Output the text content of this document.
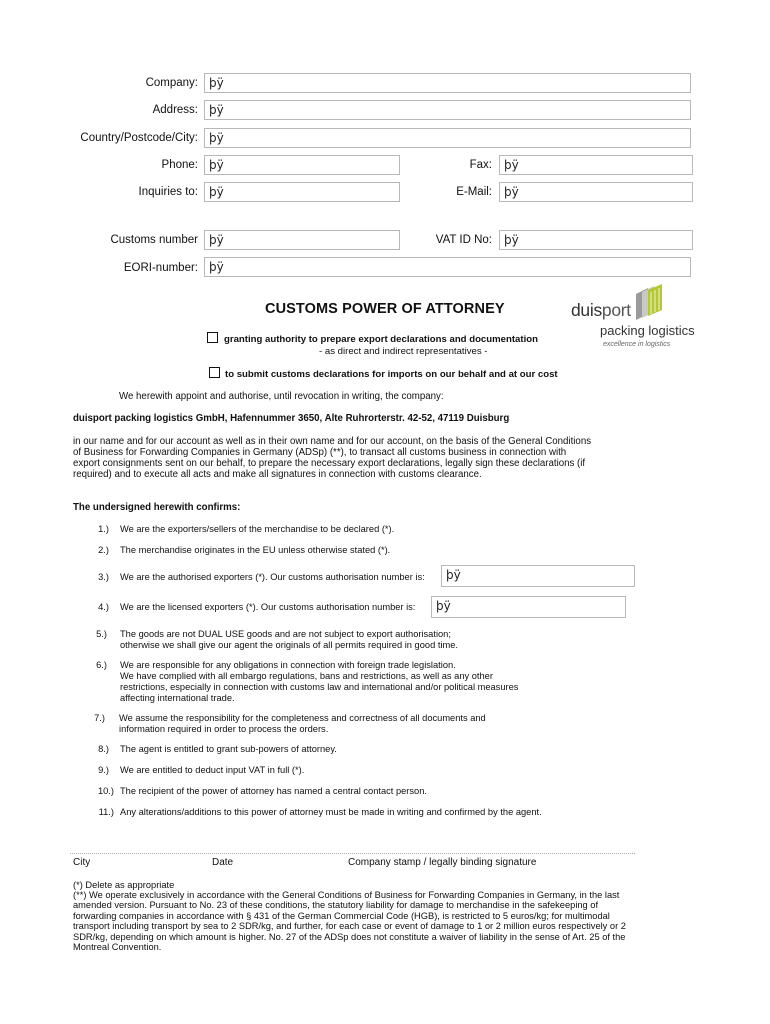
Company: þÿ
Address: þÿ
Country/Postcode/City: þÿ
Phone: þÿ	Fax:	þÿ
Inquiries to: þÿ	E-Mail:	þÿ
Customs number þÿ	VAT ID No:	þÿ
EORI-number: þÿ
CUSTOMS POWER OF ATTORNEY	duisport
packing logistics
excellence in logistics
granting authority to prepare export declarations and documentation
- as direct and indirect representatives -
to submit customs declarations for imports on our behalf and at our cost
We herewith appoint and authorise, until revocation in writing, the company:
duisport packing logistics GmbH, Hafennummer 3650, Alte Ruhrorterstr. 42-52, 47119 Duisburg
in our name and for our account as well as in their own name and for our account, on the basis of the General Conditions of Business for Forwarding Companies in Germany (ADSp) (**), to transact all customs business in connection with export consignments sent on our behalf, to prepare the necessary export declarations, legally sign these declarations (if required) and to execute all acts and make all signatures in connection with customs clearance.
The undersigned herewith confirms:
1.) We are the exporters/sellers of the merchandise to be declared (*).
2.) The merchandise originates in the EU unless otherwise stated (*).
3.) We are the authorised exporters (*). Our customs authorisation number is:	þÿ
4.) We are the licensed exporters (*). Our customs authorisation number is:	þÿ
5.) The goods are not DUAL USE goods and are not subject to export authorisation;
otherwise we shall give our agent the originals of all permits required in good time.
6.) We are responsible for any obligations in connection with foreign trade legislation.
We have complied with all embargo regulations, bans and restrictions, as well as any other
restrictions, especially in connection with customs law and international and/or political measures
affecting international trade.
7.) We assume the responsibility for the completeness and correctness of all documents and
information required in order to process the orders.
8.) The agent is entitled to grant sub-powers of attorney.
9.) We are entitled to deduct input VAT in full (*).
10.) The recipient of the power of attorney has named a central contact person.
11.) Any alterations/additions to this power of attorney must be made in writing and confirmed by the agent.
City	Date	Company stamp / legally binding signature
(*) Delete as appropriate
(**) We operate exclusively in accordance with the General Conditions of Business for Forwarding Companies in Germany, in the last amended version. Pursuant to No. 23 of these conditions, the statutory liability for damage to merchandise in the safekeeping of forwarding companies in accordance with § 431 of the German Commercial Code (HGB), is restricted to 5 euros/kg; for multimodal transport including transport by sea to 2 SDR/kg, and further, for each case or event of damage to 1 or 2 million euros respectively or 2 SDR/kg, depending on which amount is higher. No. 27 of the ADSp does not constitute a waiver of liability in the sense of Art. 25 of the Montreal Convention.
